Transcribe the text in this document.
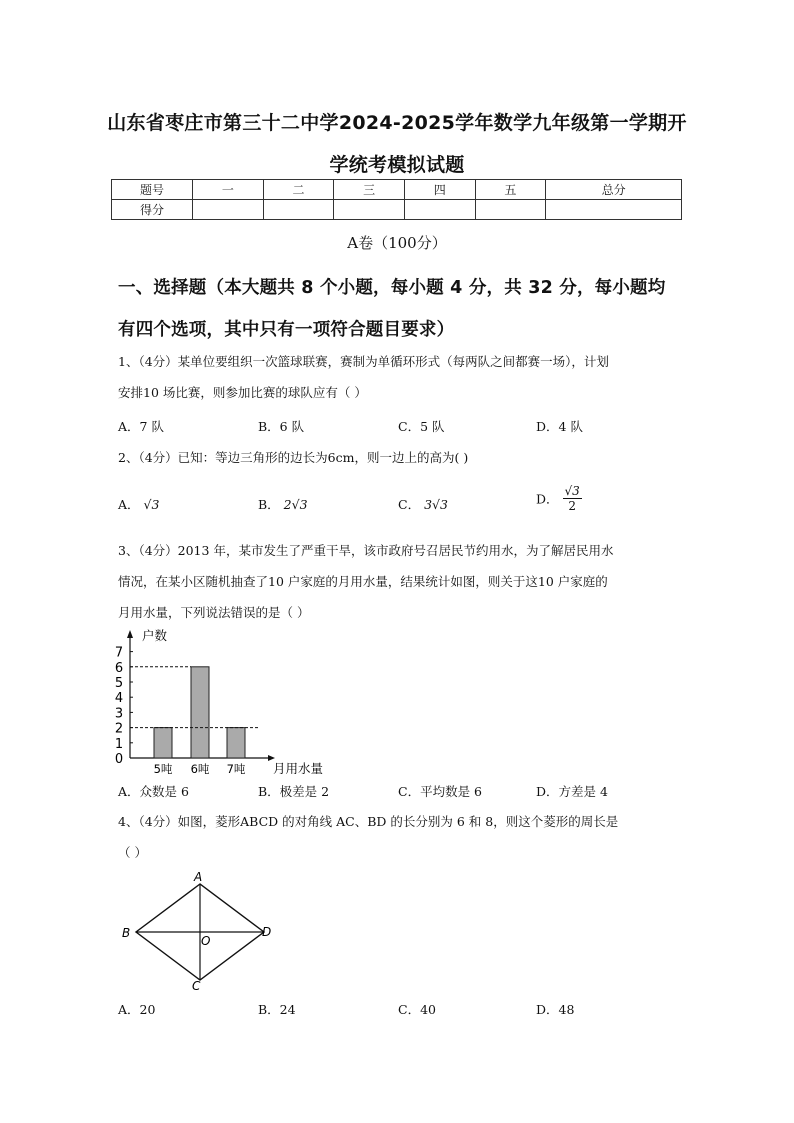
山东省枣庄市第三十二中学2024-2025学年数学九年级第一学期开
学统考模拟试题
题号	一	二	三	四	五	总分
得分						
A卷（100分）
一、选择题（本大题共 8 个小题，每小题 4 分，共 32 分，每小题均
有四个选项，其中只有一项符合题目要求）
1、（4分）某单位要组织一次篮球联赛，赛制为单循环形式（每两队之间都赛一场），计划
安排10 场比赛，则参加比赛的球队应有（ ）
A．7 队	B．6 队	C．5 队	D．4 队
2、（4分）已知：等边三角形的边长为6cm，则一边上的高为( )
A． √3	B． 2√3	C． 3√3	D． $\frac{√3}{2}$
3、（4分）2013 年，某市发生了严重干旱，该市政府号召居民节约用水，为了解居民用水
情况，在某小区随机抽查了10 户家庭的月用水量，结果统计如图，则关于这10 户家庭的
月用水量，下列说法错误的是（ ）
0
1
2
3
4
5
6
7
户数
月用水量
5吨 6吨 7吨
A．众数是 6	B．极差是 2	C．平均数是 6	D．方差是 4
4、（4分）如图，菱形ABCD 的对角线 AC、BD 的长分别为 6 和 8，则这个菱形的周长是
（ ）
A
B
C
D
O
A．20	B．24	C．40	D．48
